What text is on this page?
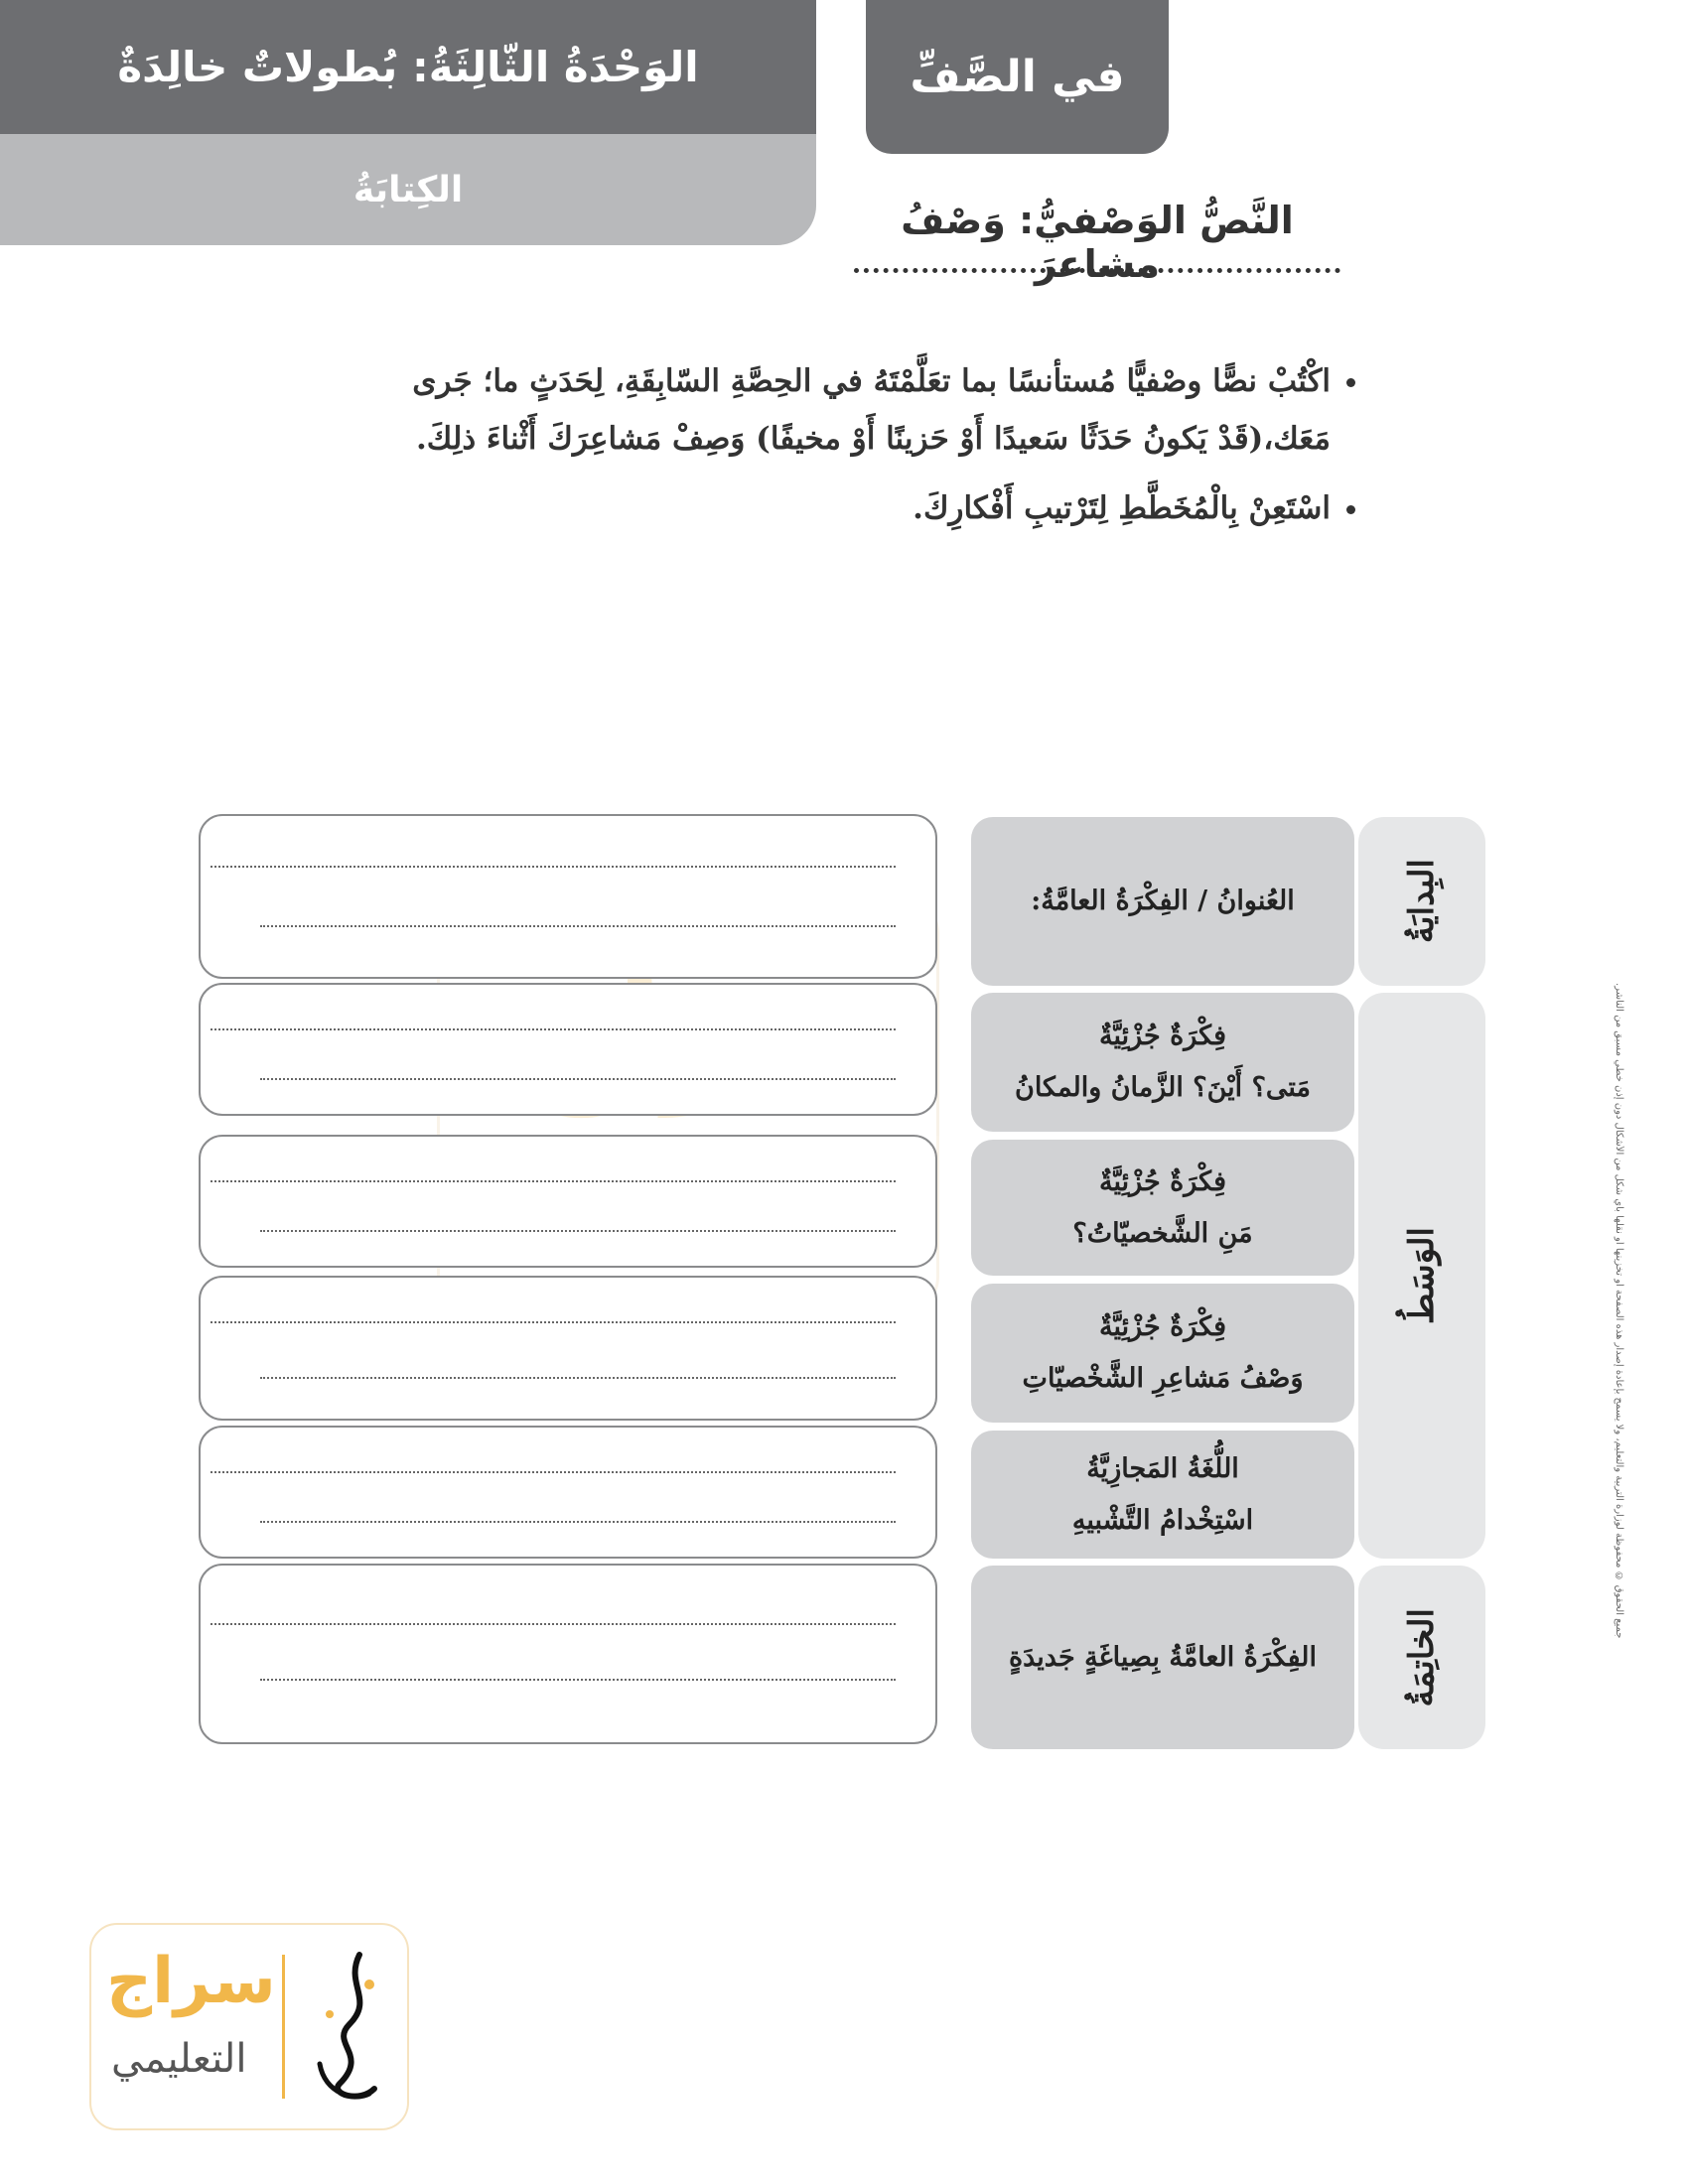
الوَحْدَةُ الثّالِثَةُ: بُطولاتٌ خالِدَةٌ
الكِتابَةُ
في الصَّفِّ
النَّصُّ الوَصْفيُّ: وَصْفُ مشاعرَ
• اكْتُبْ نصًّا وصْفيًّا مُستأنسًا بما تعَلَّمْتَهُ في الحِصَّةِ السّابِقَةِ، لِحَدَثٍ ما؛ جَرى مَعَك،(قَدْ يَكونُ حَدَثًا سَعيدًا أَوْ حَزينًا أَوْ مخيفًا) وَصِفْ مَشاعِرَكَ أَثْناءَ ذلِكَ.
• اسْتَعِنْ بِالْمُخَطَّطِ لِتَرْتيبِ أَفْكارِكَ.
جميع الحقوق © محفوظة لوزارة التربية والتعليم، ولا يسمح بإعادة إصدار هذه الصفحة أو تخزينها أو نقلها بأي شكل من الأشكال دون إذن خطي مسبق من الناشر.
البِدايَةُ
الوَسَطُ
الخاتِمَةُ
العُنوانُ / الفِكْرَةُ العامَّةُ:
فِكْرَةٌ جُزْئِيَّةٌ
مَتى؟ أَيْنَ؟ الزَّمانُ والمكانُ
فِكْرَةٌ جُزْئِيَّةٌ
مَنِ الشَّخصيّاتُ؟
فِكْرَةٌ جُزْئِيَّةٌ
وَصْفُ مَشاعِرِ الشَّخْصيّاتِ
اللُّغَةُ المَجازِيَّةُ
اسْتِخْدامُ التَّشْبيهِ
الفِكْرَةُ العامَّةُ بِصِياغَةٍ جَديدَةٍ
سراج
التعليمي
